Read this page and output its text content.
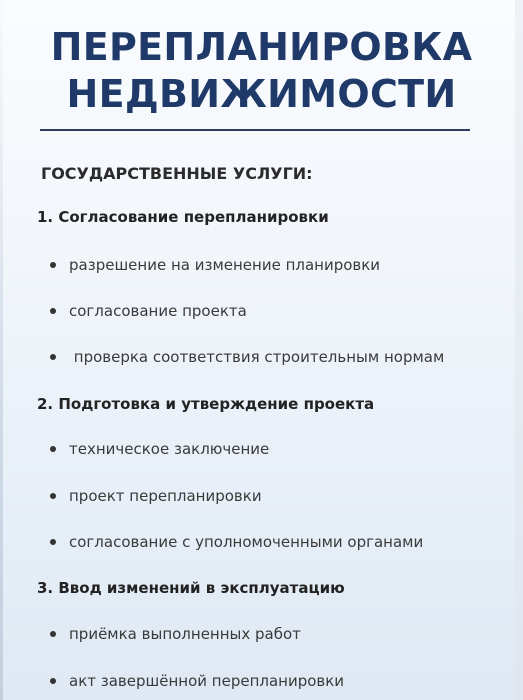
ПЕРЕПЛАНИРОВКА
НЕДВИЖИМОСТИ
ГОСУДАРСТВЕННЫЕ УСЛУГИ:
1. Согласование перепланировки
разрешение на изменение планировки
согласование проекта
проверка соответствия строительным нормам
2. Подготовка и утверждение проекта
техническое заключение
проект перепланировки
согласование с уполномоченными органами
3. Ввод изменений в эксплуатацию
приёмка выполненных работ
акт завершённой перепланировки
